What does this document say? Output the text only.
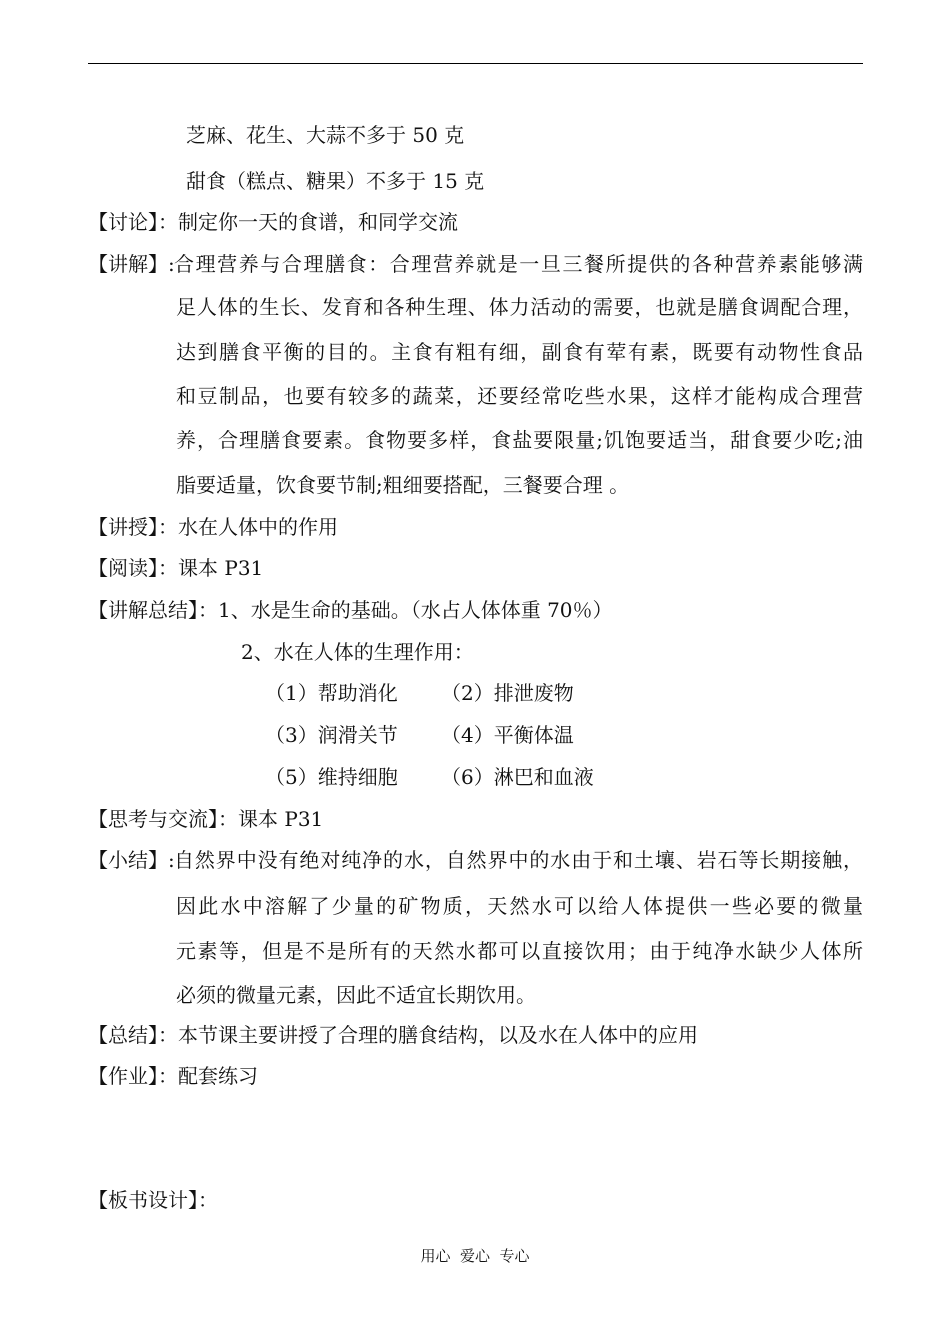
芝麻、花生、大蒜不多于 50 克
甜食（糕点、糖果）不多于 15 克
【讨论】：制定你一天的食谱，和同学交流
【讲解】: 合理营养与合理膳食：合理营养就是一旦三餐所提供的各种营养素能够满
足人体的生长、发育和各种生理、体力活动的需要，也就是膳食调配合理，
达到膳食平衡的目的。主食有粗有细，副食有荤有素，既要有动物性食品
和豆制品，也要有较多的蔬菜，还要经常吃些水果，这样才能构成合理营
养，合理膳食要素。食物要多样，食盐要限量;饥饱要适当，甜食要少吃;油
脂要适量，饮食要节制;粗细要搭配，三餐要合理 。
【讲授】：水在人体中的作用
【阅读】：课本 P31
【讲解总结】：1、水是生命的基础。（水占人体体重 70％）
2、水在人体的生理作用：
（1）帮助消化 （2）排泄废物
（3）润滑关节 （4）平衡体温
（5）维持细胞 （6）淋巴和血液
【思考与交流】：课本 P31
【小结】: 自然界中没有绝对纯净的水，自然界中的水由于和土壤、岩石等长期接触，
因此水中溶解了少量的矿物质，天然水可以给人体提供一些必要的微量
元素等，但是不是所有的天然水都可以直接饮用；由于纯净水缺少人体所
必须的微量元素，因此不适宜长期饮用。
【总结】：本节课主要讲授了合理的膳食结构，以及水在人体中的应用
【作业】：配套练习
【板书设计】：
用心  爱心  专心
